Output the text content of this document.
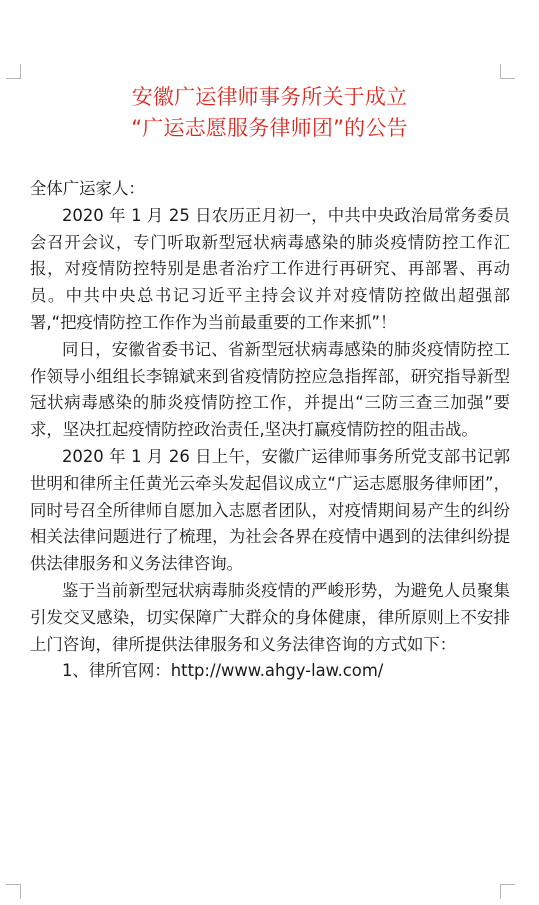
安徽广运律师事务所关于成立
“广运志愿服务律师团”的公告

全体广运家人：

2020 年 1 月 25 日农历正月初一，中共中央政治局常务委员会召开会议，专门听取新型冠状病毒感染的肺炎疫情防控工作汇报，对疫情防控特别是患者治疗工作进行再研究、再部署、再动员。中共中央总书记习近平主持会议并对疫情防控做出超强部署,“把疫情防控工作作为当前最重要的工作来抓”！

同日，安徽省委书记、省新型冠状病毒感染的肺炎疫情防控工作领导小组组长李锦斌来到省疫情防控应急指挥部，研究指导新型冠状病毒感染的肺炎疫情防控工作，并提出“三防三查三加强”要求，坚决扛起疫情防控政治责任,坚决打赢疫情防控的阻击战。

2020 年 1 月 26 日上午，安徽广运律师事务所党支部书记郭世明和律所主任黄光云牵头发起倡议成立“广运志愿服务律师团”，同时号召全所律师自愿加入志愿者团队，对疫情期间易产生的纠纷相关法律问题进行了梳理，为社会各界在疫情中遇到的法律纠纷提供法律服务和义务法律咨询。

鉴于当前新型冠状病毒肺炎疫情的严峻形势，为避免人员聚集引发交叉感染，切实保障广大群众的身体健康，律所原则上不安排上门咨询，律所提供法律服务和义务法律咨询的方式如下：

1、律所官网：http://www.ahgy-law.com/
